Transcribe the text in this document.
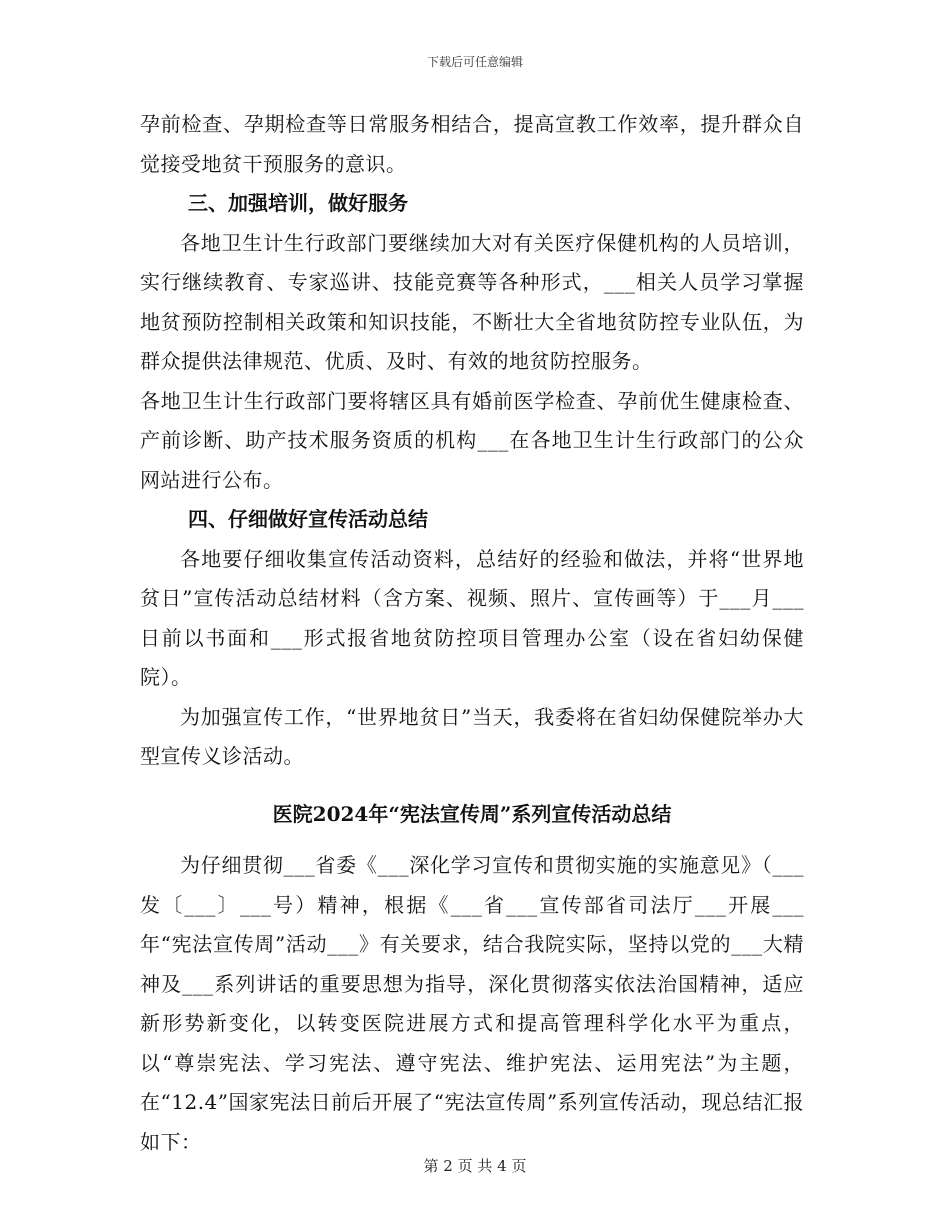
下载后可任意编辑

孕前检查、孕期检查等日常服务相结合，提高宣教工作效率，提升群众自觉接受地贫干预服务的意识。

三、加强培训，做好服务

各地卫生计生行政部门要继续加大对有关医疗保健机构的人员培训，实行继续教育、专家巡讲、技能竞赛等各种形式，___相关人员学习掌握地贫预防控制相关政策和知识技能，不断壮大全省地贫防控专业队伍，为群众提供法律规范、优质、及时、有效的地贫防控服务。

各地卫生计生行政部门要将辖区具有婚前医学检查、孕前优生健康检查、产前诊断、助产技术服务资质的机构___在各地卫生计生行政部门的公众网站进行公布。

四、仔细做好宣传活动总结

各地要仔细收集宣传活动资料，总结好的经验和做法，并将“世界地贫日”宣传活动总结材料（含方案、视频、照片、宣传画等）于___月___日前以书面和___形式报省地贫防控项目管理办公室（设在省妇幼保健院）。

为加强宣传工作，“世界地贫日”当天，我委将在省妇幼保健院举办大型宣传义诊活动。

医院2024年“宪法宣传周”系列宣传活动总结

为仔细贯彻___省委《___深化学习宣传和贯彻实施的实施意见》（___发〔___〕___号）精神，根据《___省___宣传部省司法厅___开展___年“宪法宣传周”活动___》有关要求，结合我院实际，坚持以党的___大精神及___系列讲话的重要思想为指导，深化贯彻落实依法治国精神，适应新形势新变化，以转变医院进展方式和提高管理科学化水平为重点，以“尊崇宪法、学习宪法、遵守宪法、维护宪法、运用宪法”为主题，在“12.4”国家宪法日前后开展了“宪法宣传周”系列宣传活动，现总结汇报如下：

第 2 页 共 4 页
